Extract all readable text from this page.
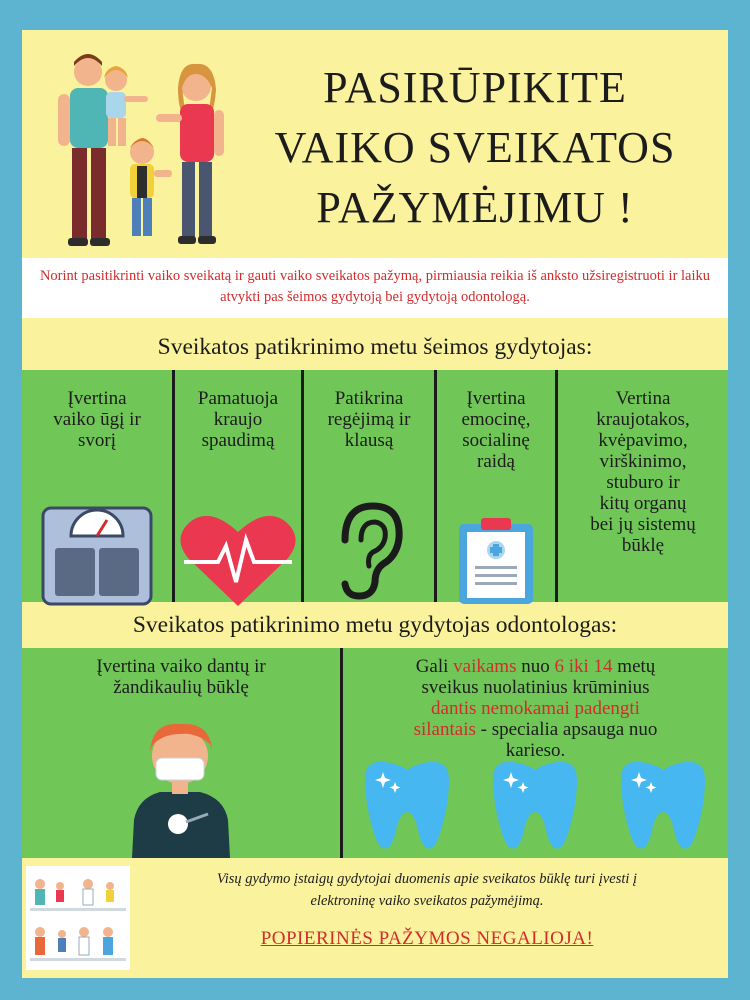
PASIRŪPIKITE
VAIKO SVEIKATOS
PAŽYMĖJIMU !
Norint pasitikrinti vaiko sveikatą ir gauti vaiko sveikatos pažymą, pirmiausia reikia iš anksto užsiregistruoti ir laiku atvykti pas šeimos gydytoją bei gydytoją odontologą.
Sveikatos patikrinimo metu šeimos gydytojas:
Įvertina
vaiko ūgį ir
svorį
Pamatuoja
kraujo
spaudimą
Patikrina
regėjimą ir
klausą
Įvertina
emocinę,
socialinę
raidą
Vertina
kraujotakos,
kvėpavimo,
virškinimo,
stuburo ir
kitų organų
bei jų sistemų
būklę
Sveikatos patikrinimo metu gydytojas odontologas:
Įvertina vaiko dantų ir
žandikaulių būklę
Gali vaikams nuo 6 iki 14 metų
sveikus nuolatinius krūminius
dantis nemokamai padengti
silantais - specialia apsauga nuo
karieso.
Visų gydymo įstaigų gydytojai duomenis apie sveikatos būklę turi įvesti į
elektroninę vaiko sveikatos pažymėjimą.
POPIERINĖS PAŽYMOS NEGALIOJA!
